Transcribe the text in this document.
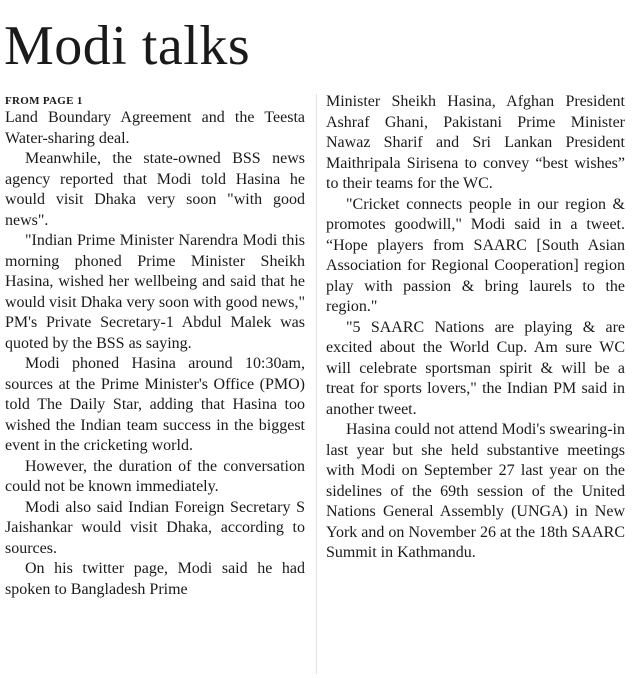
Modi talks
FROM PAGE 1

Land Boundary Agreement and the Teesta Water-sharing deal.

Meanwhile, the state-owned BSS news agency reported that Modi told Hasina he would visit Dhaka very soon "with good news".

"Indian Prime Minister Narendra Modi this morning phoned Prime Minister Sheikh Hasina, wished her wellbeing and said that he would visit Dhaka very soon with good news," PM's Private Secretary-1 Abdul Malek was quoted by the BSS as saying.

Modi phoned Hasina around 10:30am, sources at the Prime Minister's Office (PMO) told The Daily Star, adding that Hasina too wished the Indian team success in the biggest event in the cricketing world.

However, the duration of the conversation could not be known immediately.

Modi also said Indian Foreign Secretary S Jaishankar would visit Dhaka, according to sources.

On his twitter page, Modi said he had spoken to Bangladesh Prime

Minister Sheikh Hasina, Afghan President Ashraf Ghani, Pakistani Prime Minister Nawaz Sharif and Sri Lankan President Maithripala Sirisena to convey “best wishes” to their teams for the WC.

"Cricket connects people in our region & promotes goodwill," Modi said in a tweet. “Hope players from SAARC [South Asian Association for Regional Cooperation] region play with passion & bring laurels to the region."

"5 SAARC Nations are playing & are excited about the World Cup. Am sure WC will celebrate sportsman spirit & will be a treat for sports lovers," the Indian PM said in another tweet.

Hasina could not attend Modi's swearing-in last year but she held substantive meetings with Modi on September 27 last year on the sidelines of the 69th session of the United Nations General Assembly (UNGA) in New York and on November 26 at the 18th SAARC Summit in Kathmandu.
